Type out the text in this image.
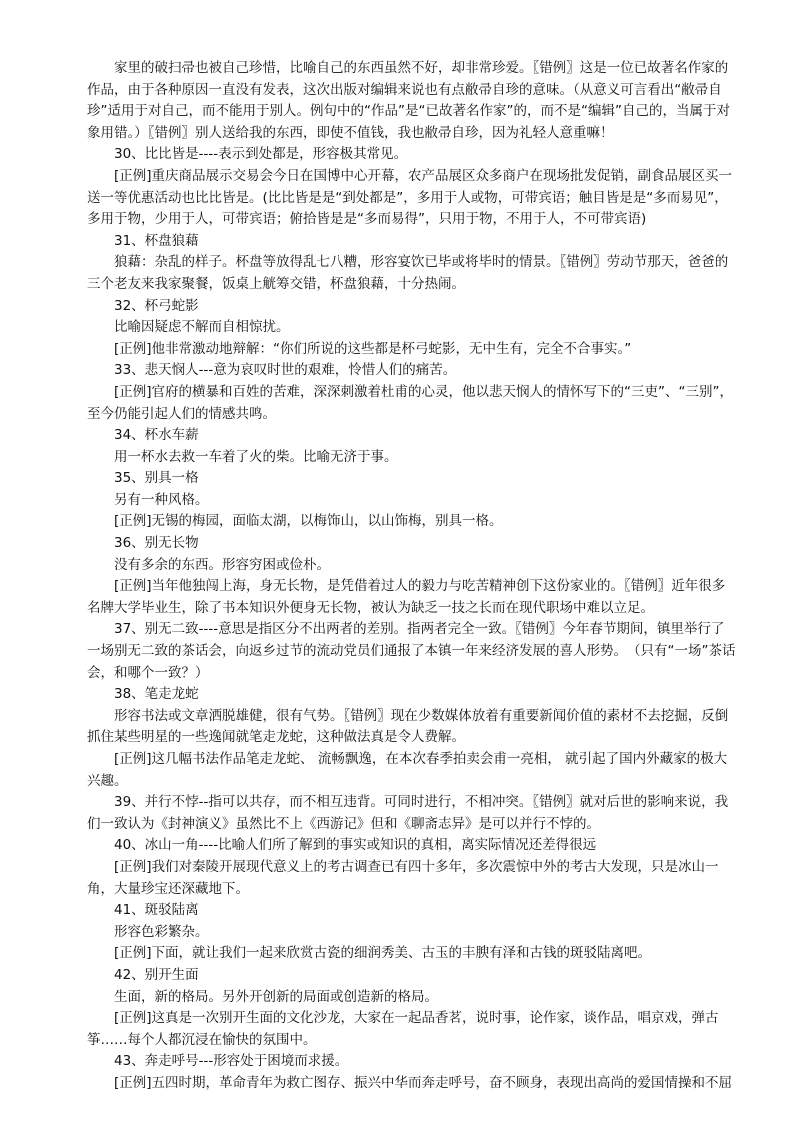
家里的破扫帚也被自己珍惜，比喻自己的东西虽然不好，却非常珍爱。〖错例〗这是一位已故著名作家的作品，由于各种原因一直没有发表，这次出版对编辑来说也有点敝帚自珍的意味。（从意义可言看出“敝帚自珍”适用于对自己，而不能用于别人。例句中的“作品”是“已故著名作家”的，而不是“编辑”自己的，当属于对象用错。）〖错例〗别人送给我的东西，即使不值钱，我也敝帚自珍，因为礼轻人意重嘛！

30、比比皆是----表示到处都是，形容极其常见。

[正例]重庆商品展示交易会今日在国博中心开幕，农产品展区众多商户在现场批发促销，副食品展区买一送一等优惠活动也比比皆是。(比比皆是是“到处都是”，多用于人或物，可带宾语；触目皆是是“多而易见”，多用于物，少用于人，可带宾语；俯拾皆是是“多而易得”，只用于物，不用于人，不可带宾语)

31、杯盘狼藉

狼藉：杂乱的样子。杯盘等放得乱七八糟，形容宴饮已毕或将毕时的情景。〖错例〗劳动节那天，爸爸的三个老友来我家聚餐，饭桌上觥筹交错，杯盘狼藉，十分热闹。

32、杯弓蛇影

比喻因疑虑不解而自相惊扰。

[正例]他非常激动地辩解：“你们所说的这些都是杯弓蛇影，无中生有，完全不合事实。”

33、悲天悯人---意为哀叹时世的艰难，怜惜人们的痛苦。

[正例]官府的横暴和百姓的苦难，深深刺激着杜甫的心灵，他以悲天悯人的情怀写下的“三吏”、“三别”，至今仍能引起人们的情感共鸣。

34、杯水车薪

用一杯水去救一车着了火的柴。比喻无济于事。

35、别具一格

另有一种风格。

[正例]无锡的梅园，面临太湖，以梅饰山，以山饰梅，别具一格。

36、别无长物

没有多余的东西。形容穷困或俭朴。

[正例]当年他独闯上海，身无长物，是凭借着过人的毅力与吃苦精神创下这份家业的。〖错例〗近年很多名牌大学毕业生，除了书本知识外便身无长物，被认为缺乏一技之长而在现代职场中难以立足。

37、别无二致----意思是指区分不出两者的差别。指两者完全一致。〖错例〗今年春节期间，镇里举行了一场别无二致的茶话会，向返乡过节的流动党员们通报了本镇一年来经济发展的喜人形势。　（只有“一场”茶话会，和哪个一致？）

38、笔走龙蛇

形容书法或文章洒脱雄健，很有气势。〖错例〗现在少数媒体放着有重要新闻价值的素材不去挖掘，反倒抓住某些明星的一些逸闻就笔走龙蛇，这种做法真是令人费解。

[正例]这几幅书法作品笔走龙蛇、 流畅飘逸，在本次春季拍卖会甫一亮相， 就引起了国内外藏家的极大兴趣。

39、并行不悖--指可以共存，而不相互违背。可同时进行，不相冲突。〖错例〗就对后世的影响来说，我们一致认为《封神演义》虽然比不上《西游记》但和《聊斋志异》是可以并行不悖的。

40、冰山一角----比喻人们所了解到的事实或知识的真相，离实际情况还差得很远

[正例]我们对秦陵开展现代意义上的考古调查已有四十多年，多次震惊中外的考古大发现，只是冰山一角，大量珍宝还深藏地下。

41、斑驳陆离

形容色彩繁杂。

[正例]下面，就让我们一起来欣赏古瓷的细润秀美、古玉的丰腴有泽和古钱的斑驳陆离吧。

42、别开生面

生面，新的格局。另外开创新的局面或创造新的格局。

[正例]这真是一次别开生面的文化沙龙，大家在一起品香茗，说时事，论作家，谈作品，唱京戏，弹古筝……每个人都沉浸在愉快的氛围中。

43、奔走呼号---形容处于困境而求援。

[正例]五四时期，革命青年为救亡图存、振兴中华而奔走呼号，奋不顾身，表现出高尚的爱国情操和不屈
